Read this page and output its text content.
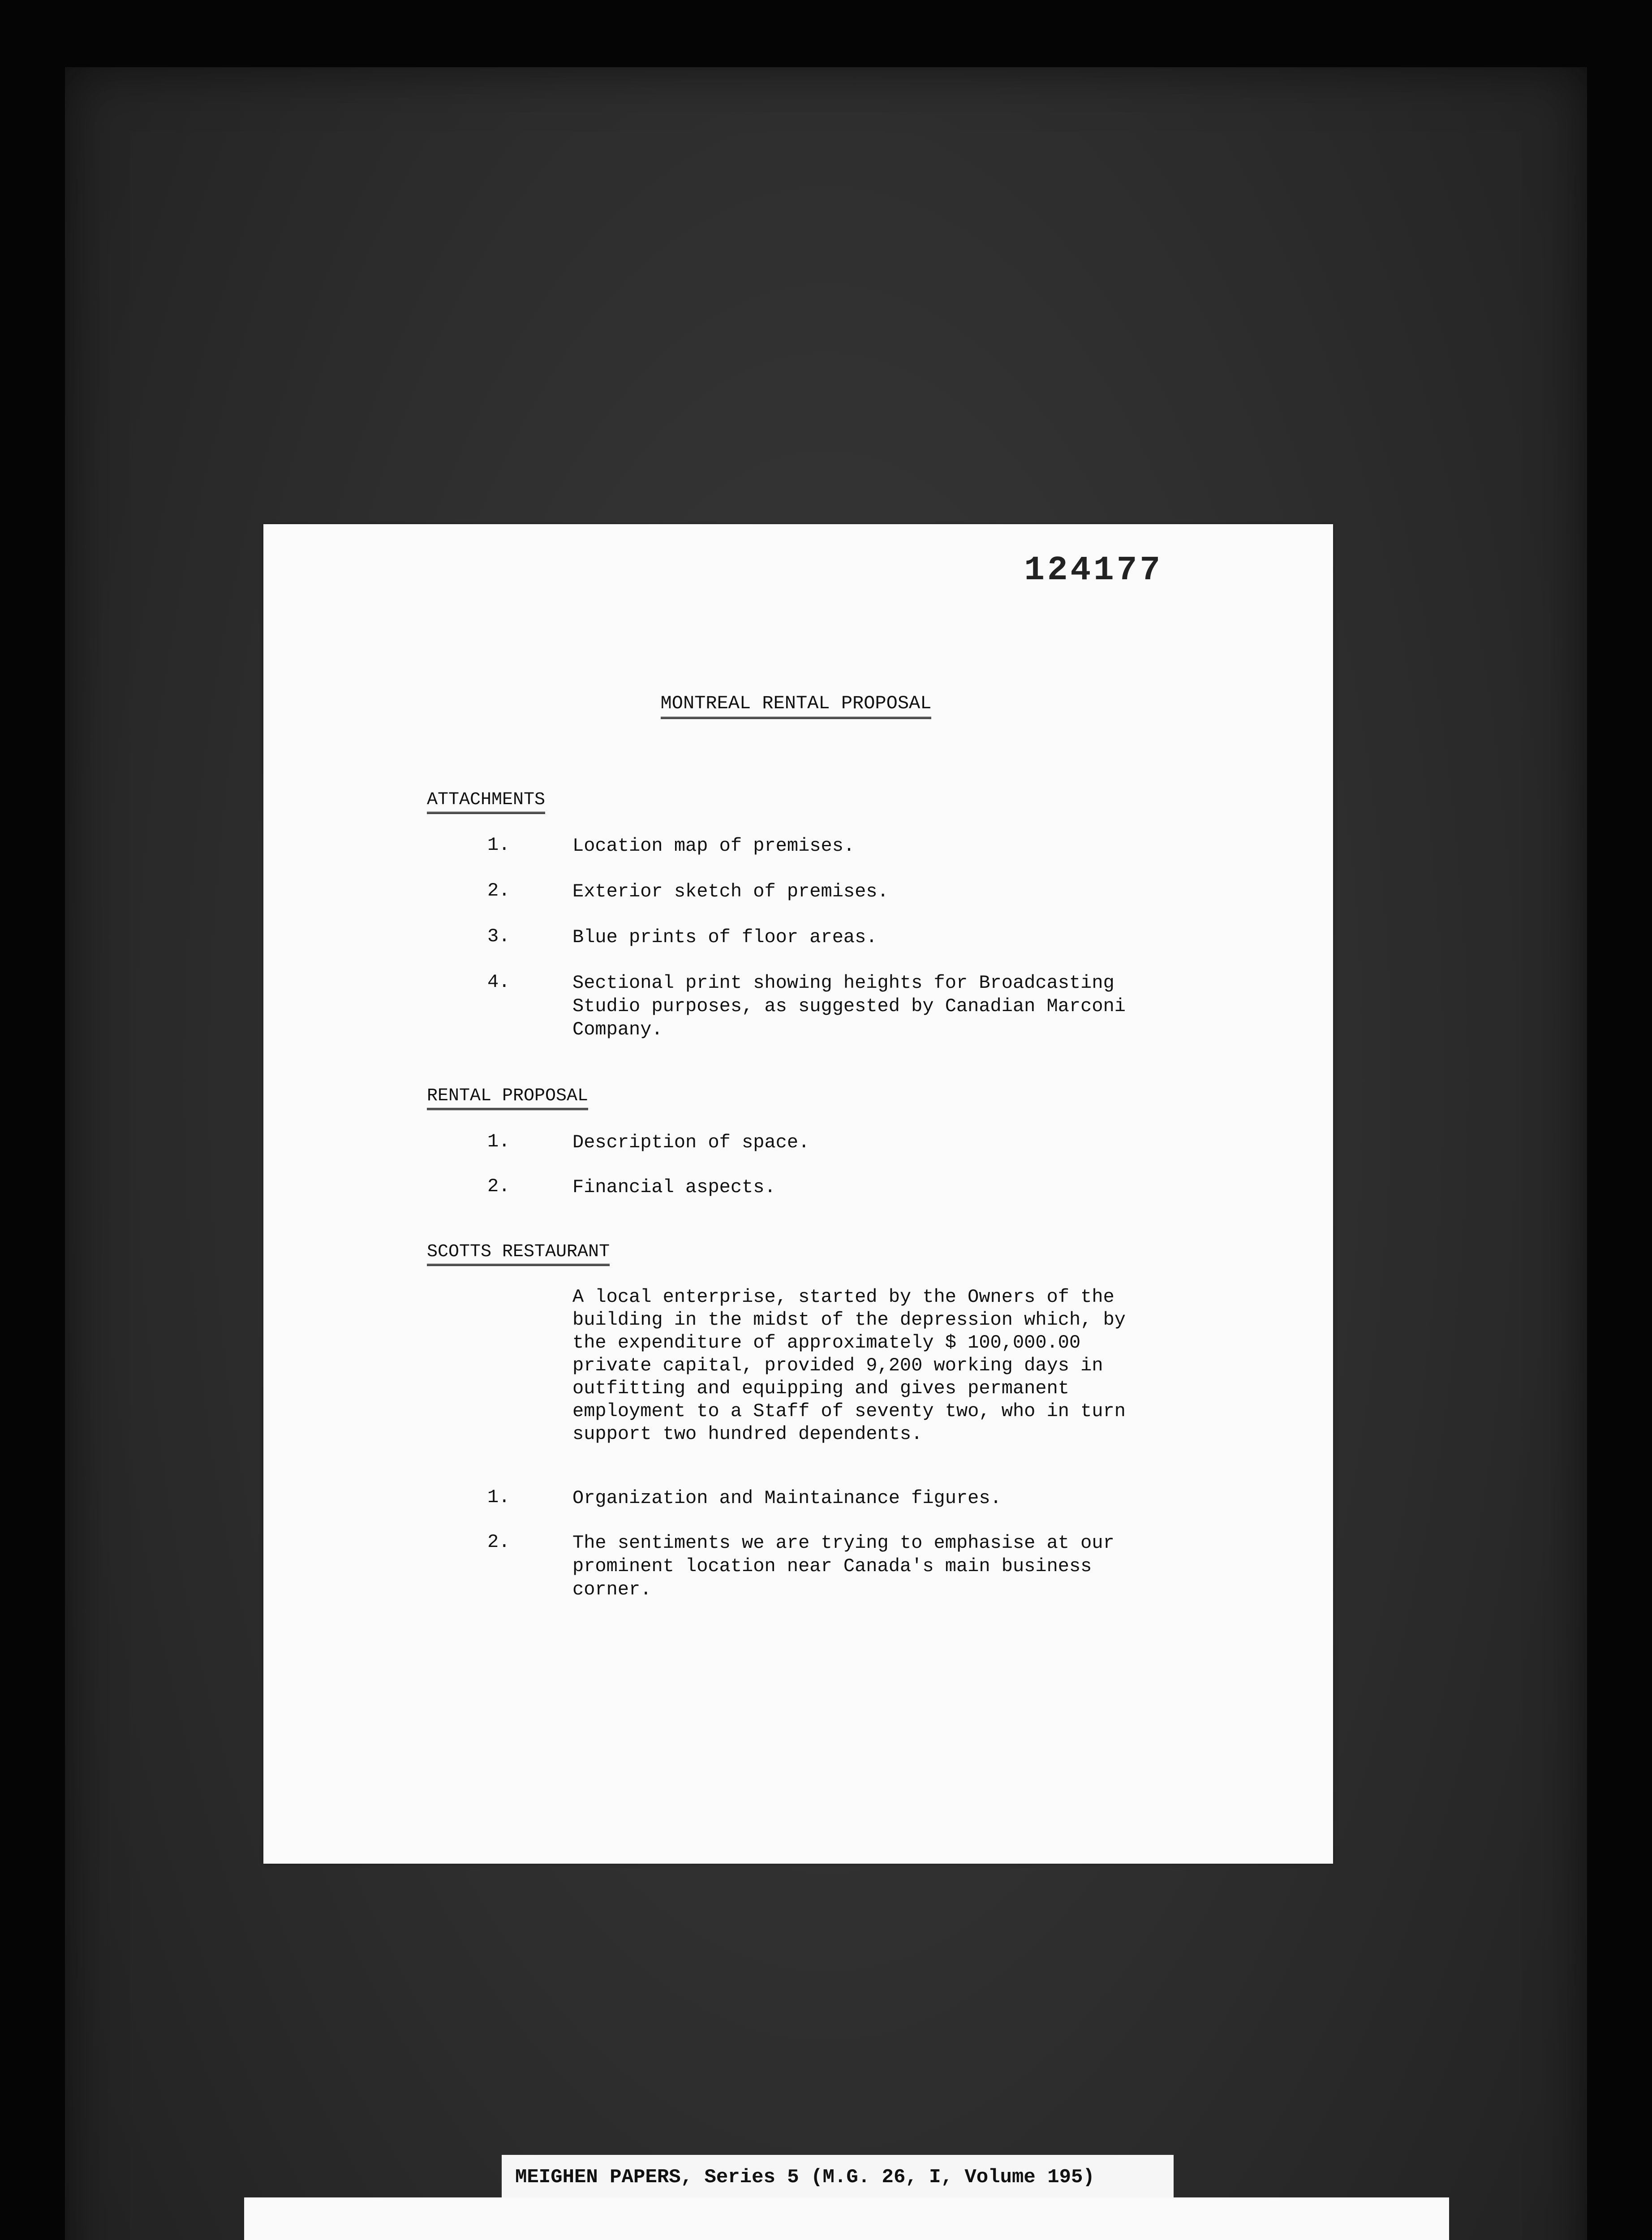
124177
MONTREAL RENTAL PROPOSAL
ATTACHMENTS
1.	Location map of premises.
2.	Exterior sketch of premises.
3.	Blue prints of floor areas.
4.	Sectional print showing heights for Broadcasting Studio purposes, as suggested by Canadian Marconi Company.
RENTAL PROPOSAL
1.	Description of space.
2.	Financial aspects.
SCOTTS RESTAURANT
A local enterprise, started by the Owners of the building in the midst of the depression which, by the expenditure of approximately $ 100,000.00 private capital, provided 9,200 working days in outfitting and equipping and gives permanent employment to a Staff of seventy two, who in turn support two hundred dependents.
1.	Organization and Maintainance figures.
2.	The sentiments we are trying to emphasise at our prominent location near Canada's main business corner.
MEIGHEN PAPERS, Series 5 (M.G. 26, I, Volume 195)
